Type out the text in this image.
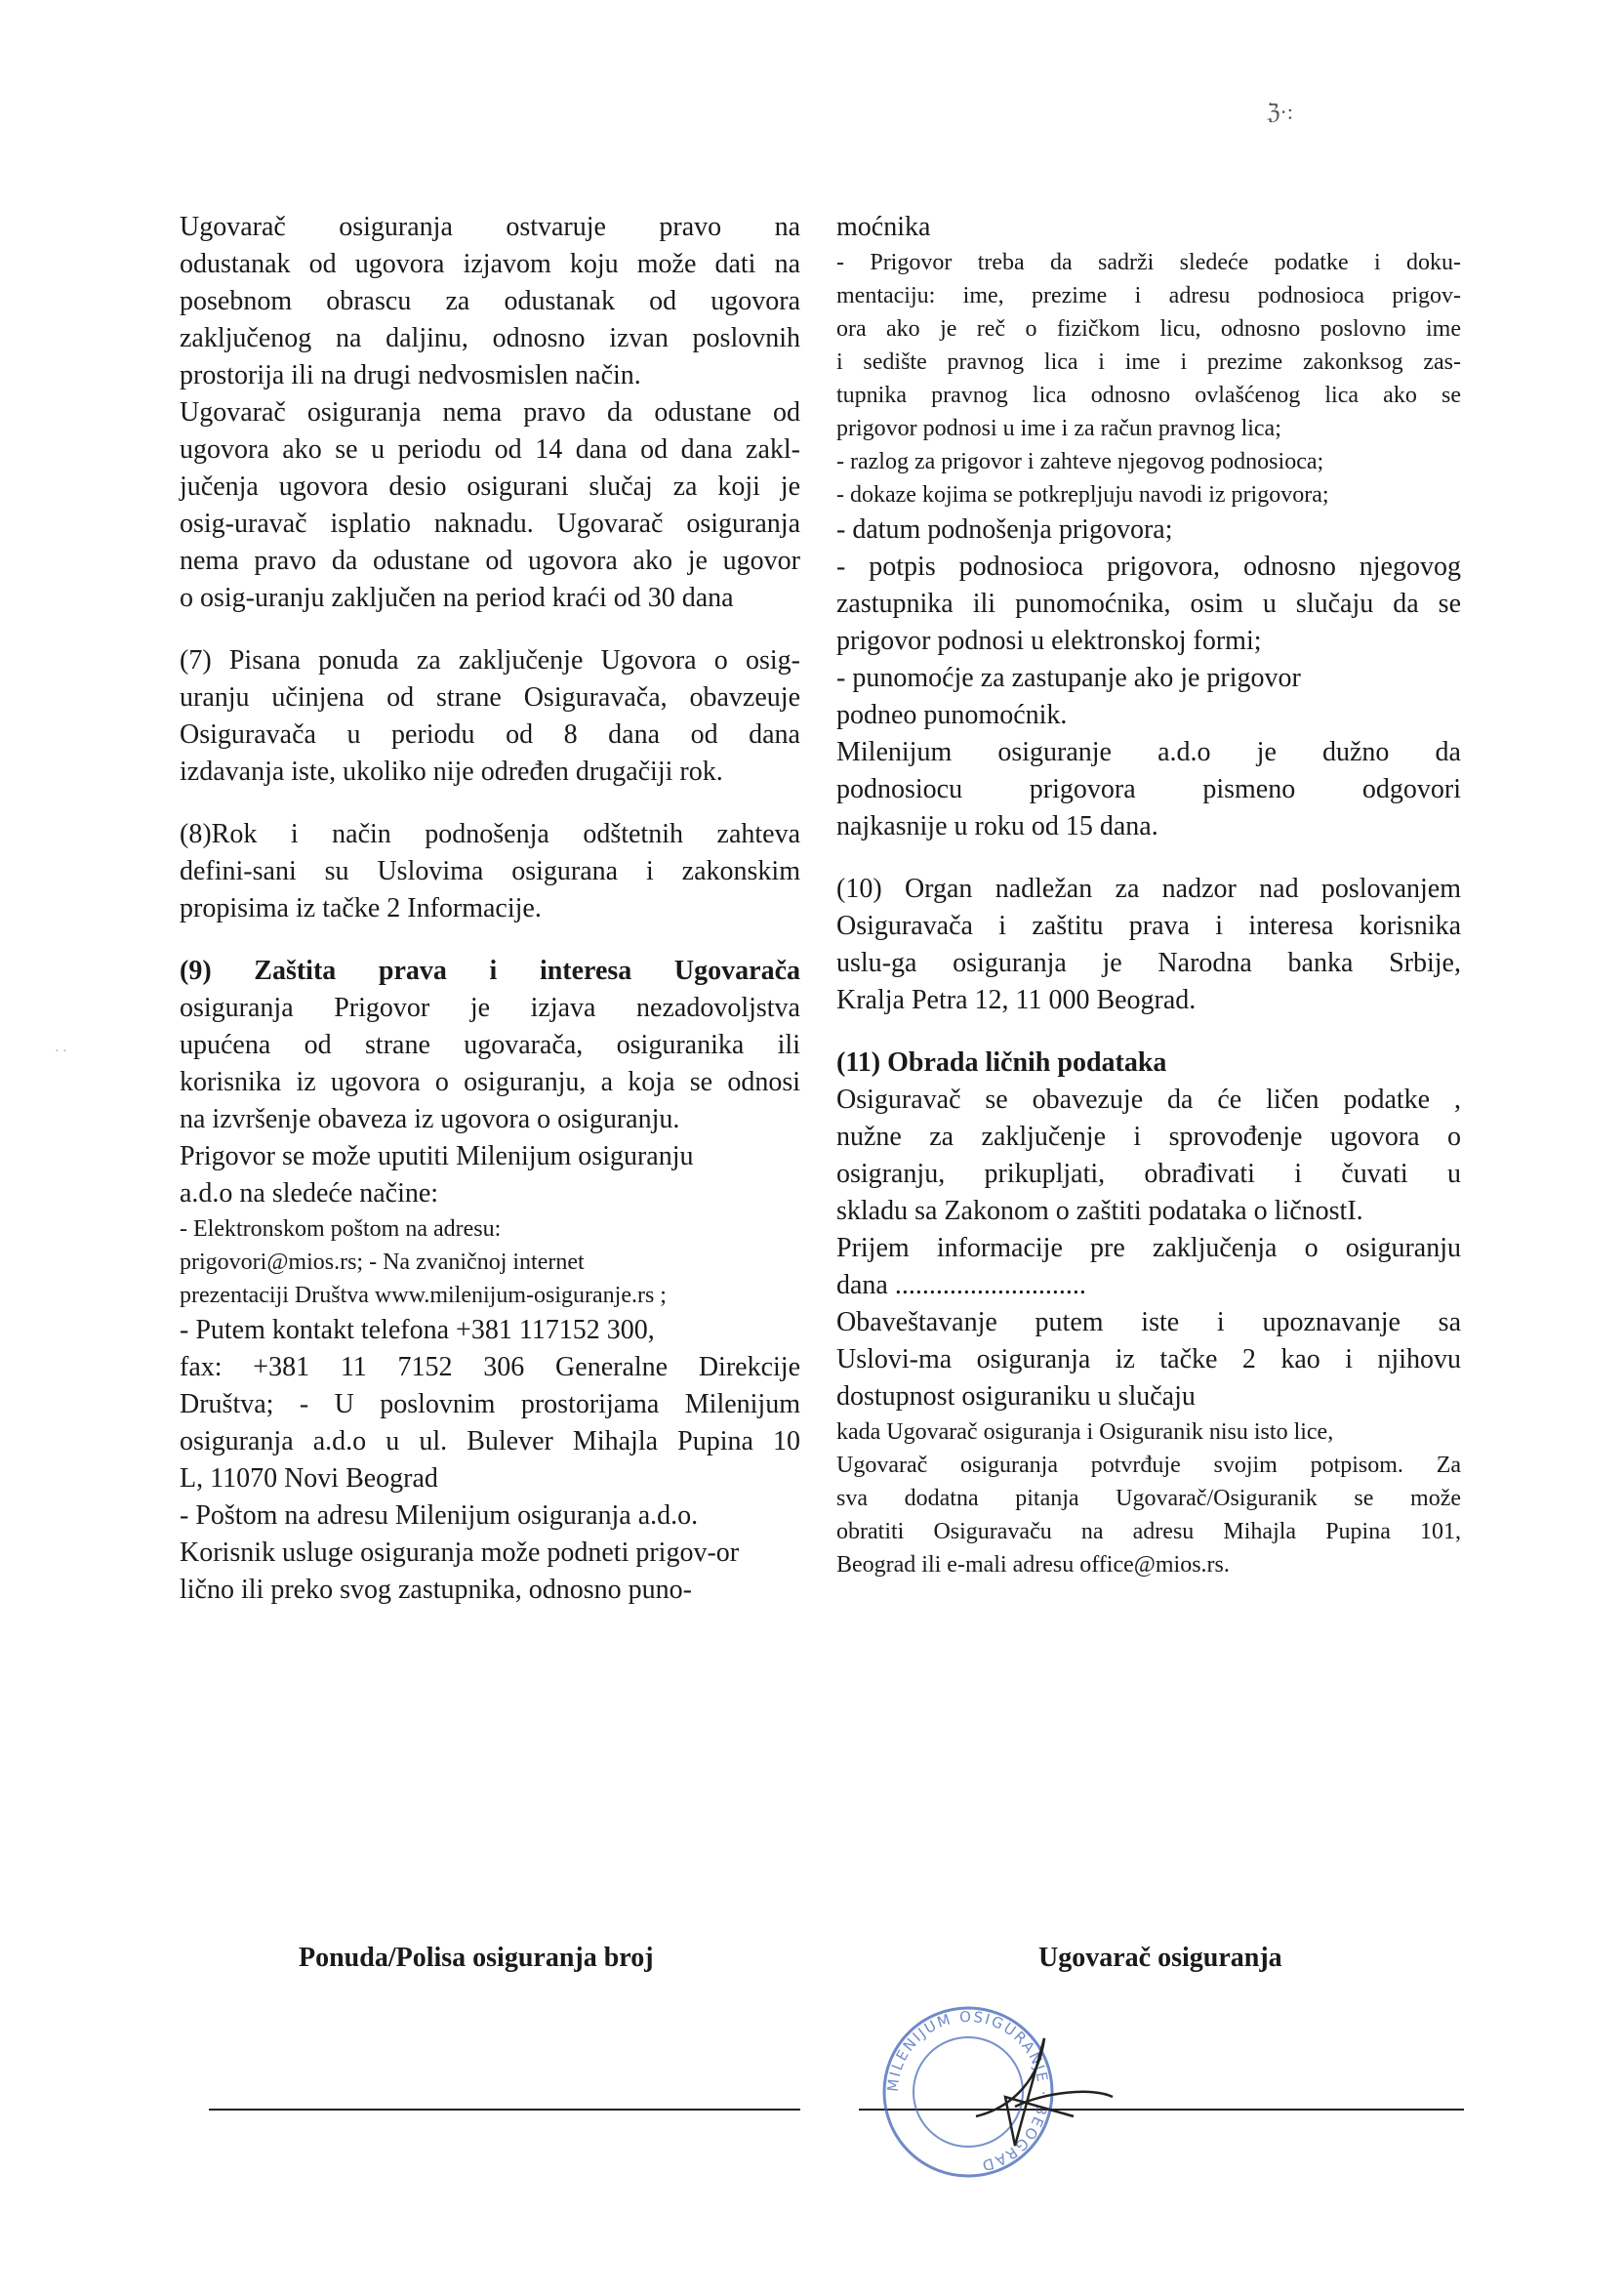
ℨ·:
Ugovarač osiguranja ostvaruje pravo na
odustanak od ugovora izjavom koju može dati na
posebnom obrascu za odustanak od ugovora
zaključenog na daljinu, odnosno izvan poslovnih
prostorija ili na drugi nedvosmislen način.
Ugovarač osiguranja nema pravo da odustane od
ugovora ako se u periodu od 14 dana od dana zakl-
jučenja ugovora desio osigurani slučaj za koji je
osig-uravač isplatio naknadu. Ugovarač osiguranja
nema pravo da odustane od ugovora ako je ugovor
o osig-uranju zaključen na period kraći od 30 dana
(7) Pisana ponuda za zaključenje Ugovora o osig-
uranju učinjena od strane Osiguravača, obavzeuje
Osiguravača u periodu od 8 dana od dana
izdavanja iste, ukoliko nije određen drugačiji rok.
(8)Rok i način podnošenja odštetnih zahteva
defini-sani su Uslovima osigurana i zakonskim
propisima iz tačke 2 Informacije.
(9) Zaštita prava i interesa Ugovarača
osiguranja Prigovor je izjava nezadovoljstva
upućena od strane ugovarača, osiguranika ili
korisnika iz ugovora o osiguranju, a koja se odnosi
na izvršenje obaveza iz ugovora o osiguranju.
Prigovor se može uputiti Milenijum osiguranju
a.d.o na sledeće načine:
- Elektronskom poštom na adresu:
prigovori@mios.rs; - Na zvaničnoj internet
prezentaciji Društva www.milenijum-osiguranje.rs ;
- Putem kontakt telefona +381 117152 300,
fax: +381 11 7152 306 Generalne Direkcije
Društva; - U poslovnim prostorijama Milenijum
osiguranja a.d.o u ul. Bulever Mihajla Pupina 10
L, 11070 Novi Beograd
- Poštom na adresu Milenijum osiguranja a.d.o.
Korisnik usluge osiguranja može podneti prigov-or
lično ili preko svog zastupnika, odnosno puno-
moćnika
- Prigovor treba da sadrži sledeće podatke i doku-
mentaciju: ime, prezime i adresu podnosioca prigov-
ora ako je reč o fizičkom licu, odnosno poslovno ime
i sedište pravnog lica i ime i prezime zakonksog zas-
tupnika pravnog lica odnosno ovlašćenog lica ako se
prigovor podnosi u ime i za račun pravnog lica;
- razlog za prigovor i zahteve njegovog podnosioca;
- dokaze kojima se potkrepljuju navodi iz prigovora;
- datum podnošenja prigovora;
- potpis podnosioca prigovora, odnosno njegovog
zastupnika ili punomoćnika, osim u slučaju da se
prigovor podnosi u elektronskoj formi;
- punomoćje za zastupanje ako je prigovor
podneo punomoćnik.
Milenijum osiguranje a.d.o je dužno da
podnosiocu prigovora pismeno odgovori
najkasnije u roku od 15 dana.
(10) Organ nadležan za nadzor nad poslovanjem
Osiguravača i zaštitu prava i interesa korisnika
uslu-ga osiguranja je Narodna banka Srbije,
Kralja Petra 12, 11 000 Beograd.
(11) Obrada ličnih podataka
Osiguravač se obavezuje da će ličen podatke ,
nužne za zaključenje i sprovođenje ugovora o
osigranju, prikupljati, obrađivati i čuvati u
skladu sa Zakonom o zaštiti podataka o ličnostI.
Prijem informacije pre zaključenja o osiguranju
dana ............................
Obaveštavanje putem iste i upoznavanje sa
Uslovi-ma osiguranja iz tačke 2 kao i njihovu
dostupnost osiguraniku u slučaju
kada Ugovarač osiguranja i Osiguranik nisu isto lice,
Ugovarač osiguranja potvrđuje svojim potpisom. Za
sva dodatna pitanja Ugovarač/Osiguranik se može
obratiti Osiguravaču na adresu Mihajla Pupina 101,
Beograd ili e-mali adresu office@mios.rs.
Ponuda/Polisa osiguranja broj	Ugovarač osiguranja
MILENIJUM OSIGURANJE · BEOGRAD
· ·
